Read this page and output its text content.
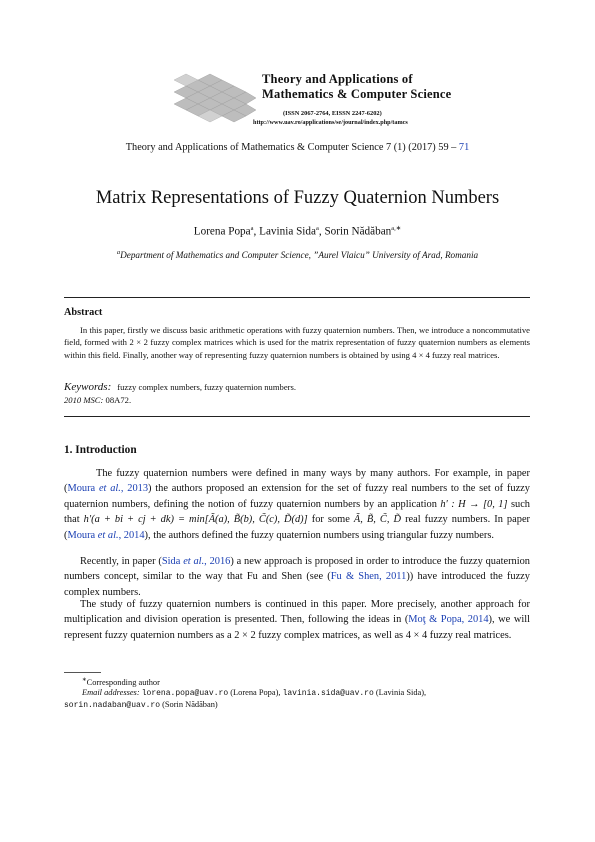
Theory and Applications of
Mathematics & Computer Science
(ISSN 2067-2764, EISSN 2247-6202)
http://www.uav.ro/applications/se/journal/index.php/tamcs
Theory and Applications of Mathematics & Computer Science 7 (1) (2017) 59 – 71
Matrix Representations of Fuzzy Quaternion Numbers
Lorena Popa$^a$, Lavinia Sida$^a$, Sorin Nădăban$^{a,∗}$
$^a$Department of Mathematics and Computer Science, ”Aurel Vlaicu” University of Arad, Romania
Abstract
In this paper, firstly we discuss basic arithmetic operations with fuzzy quaternion numbers. Then, we introduce a noncommutative field, formed with 2 × 2 fuzzy complex matrices which is used for the matrix representation of fuzzy quaternion numbers as elements within this field. Finally, another way of representing fuzzy quaternion numbers is obtained by using 4 × 4 fuzzy real matrices.
Keywords: fuzzy complex numbers, fuzzy quaternion numbers.
2010 MSC: 08A72.
1. Introduction
The fuzzy quaternion numbers were defined in many ways by many authors. For example, in paper (Moura et al., 2013) the authors proposed an extension for the set of fuzzy real numbers to the set of fuzzy quaternion numbers, defining the notion of fuzzy quaternion numbers by an application h′ : H → [0, 1] such that h′(a + bi + cj + dk) = min[Ã(a), B̃(b), C̃(c), D̃(d)] for some Ã, B̃, C̃, D̃ real fuzzy numbers. In paper (Moura et al., 2014), the authors defined the fuzzy quaternion numbers using triangular fuzzy numbers.
Recently, in paper (Sida et al., 2016) a new approach is proposed in order to introduce the fuzzy quaternion numbers concept, similar to the way that Fu and Shen (see (Fu & Shen, 2011)) have introduced the fuzzy complex numbers.
The study of fuzzy quaternion numbers is continued in this paper. More precisely, another approach for multiplication and division operation is presented. Then, following the ideas in (Moţ & Popa, 2014), we will represent fuzzy quaternion numbers as a 2 × 2 fuzzy complex matrices, as well as 4 × 4 fuzzy real matrices.
∗Corresponding author
Email addresses: lorena.popa@uav.ro (Lorena Popa), lavinia.sida@uav.ro (Lavinia Sida),
sorin.nadaban@uav.ro (Sorin Nădăban)
